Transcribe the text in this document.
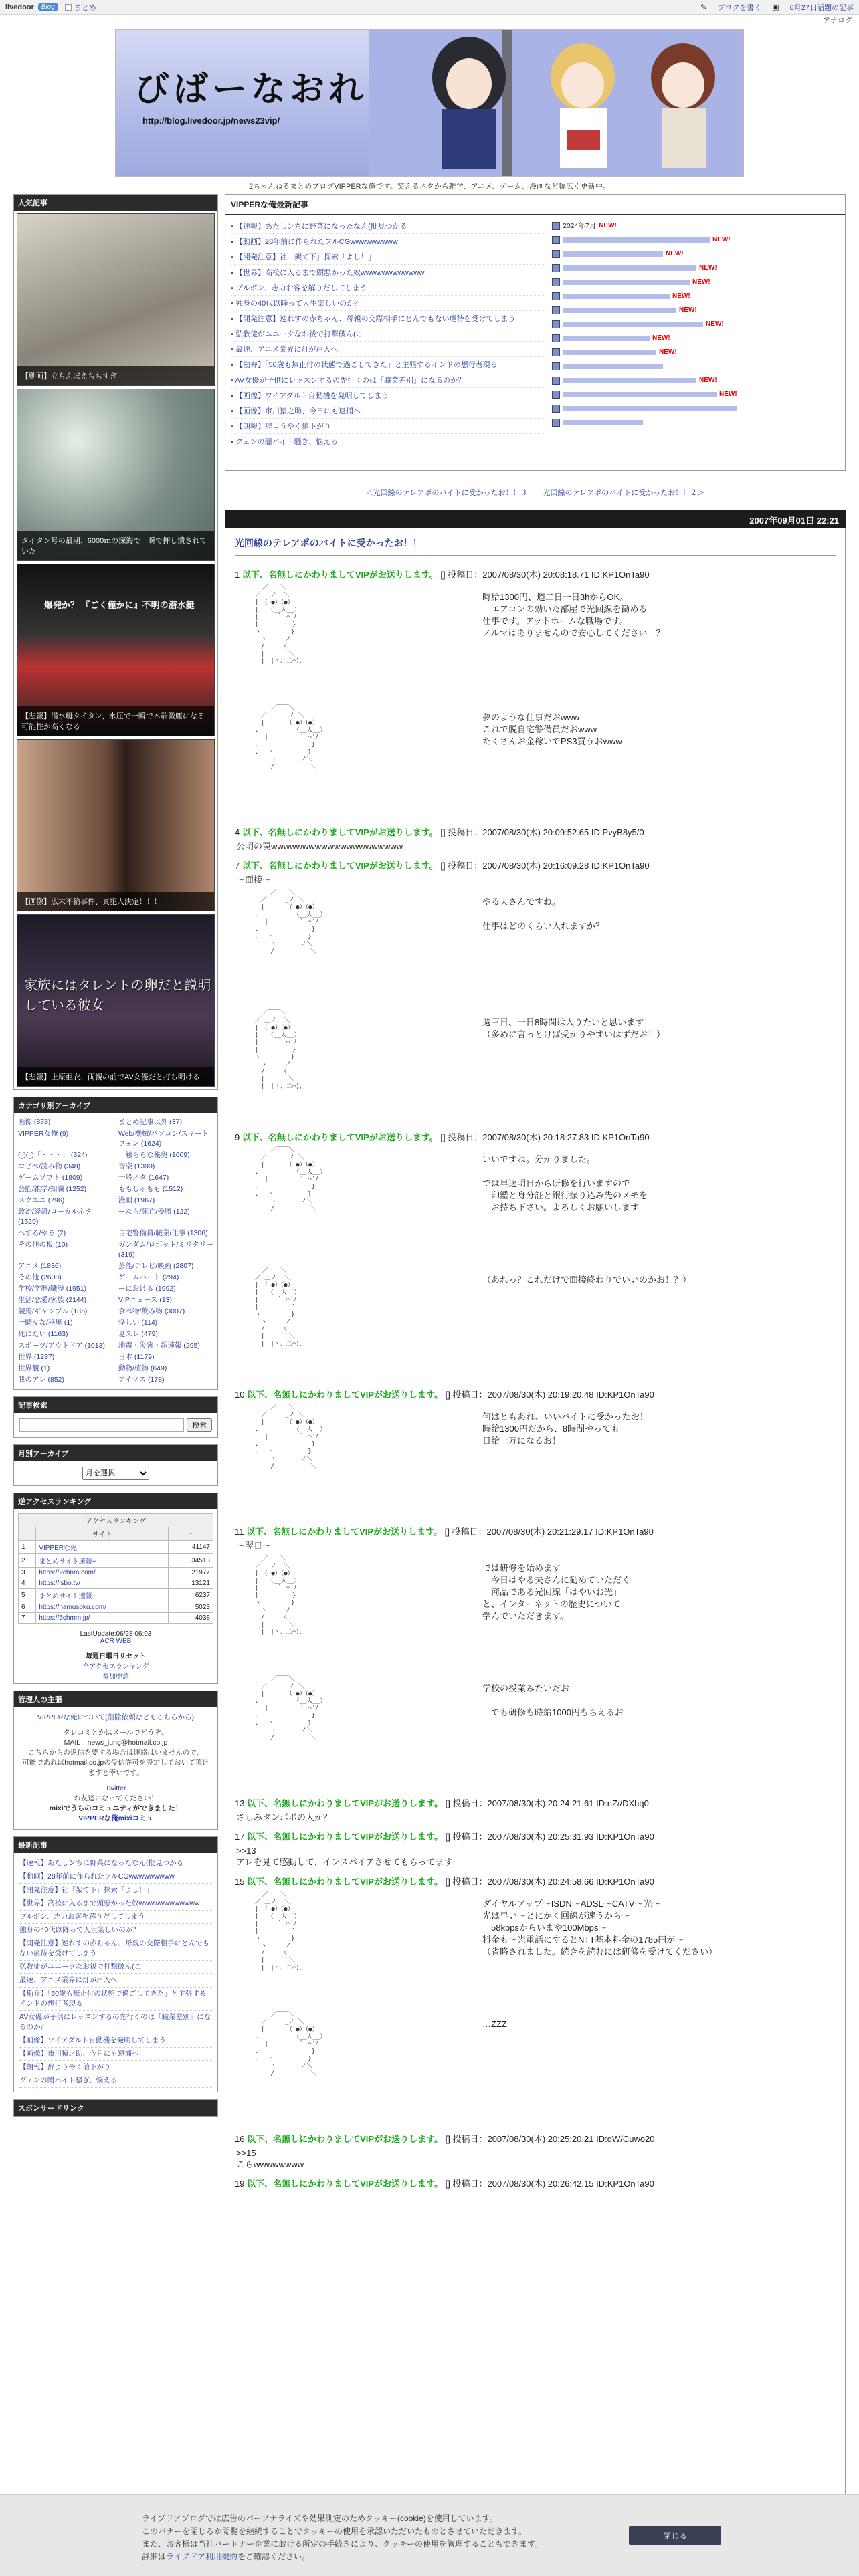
livedoor	Blog	まとめ	✎ ブログを書く ▣ 6月27日話題の記事
アナログ
びばーなおれ
http://blog.livedoor.jp/news23vip/
2ちゃんねるまとめブログVIPPERな俺です。笑えるネタから雑学、アニメ、ゲーム、漫画など幅広く更新中。
人気記事
【動画】立ちんぼえちちすぎ
タイタン号の最期、6000ｍの深海で一瞬で押し潰されていた
爆発か？ 『ごく僅かに』不明の潜水艇
【悲報】潜水艇タイタン、水圧で一瞬で木端微塵になる可能性が高くなる
【画像】広末不倫事件、真犯人決定！！！
家族にはタレントの卵だと説明している彼女
【悲報】上原亜衣、両親の前でAV女優だと打ち明ける
カテゴリ別アーカイブ
画像 (878)	まとめ記事以外 (37)
VIPPERな俺 (9)	Web/機械/パソコン/スマートフォン (1624)
◯◯「・・・」 (324)	一触ららな秘奥 (1609)
コピペ/読み物 (348)	音楽 (1390)
ゲームソフト (1809)	一般ネタ (1647)
芸能/雑学/知識 (1252)	ももしゃもも (1512)
スクエニ (796)	漫画 (1967)
政治/経済/ローカルネタ (1529)
ーなら/死亡/優勝 (122)
へする/やる (2)	自宅警備員/職業/仕事 (1306)
その他の板 (10)	ガンダム/ロボット/ミリタリー (319)
アニメ (1836)	芸能/テレビ/映画 (2807)
その他 (2608)	ゲームハード (294)
学校/学歴/職歴 (1951)	ーにおける (1992)
生活/恋愛/家族 (2144)	VIPニュース (13)
競馬/ギャンブル (185)	食べ物/飲み物 (3007)
一騎女な/秘奥 (1)	怪しい (114)
死にたい (1163)	夏スレ (479)
スポーツ/アウトドア (1013)	地震・災害・超速報 (295)
世界 (1237)	日本 (1179)
世界観 (1)	動物/植物 (649)
我のアレ (852)	アイマス (178)
記事検索
検索
月別アーカイブ
月を選択
逆アクセスランキング
アクセスランキング		
	サイト	-
1	VIPPERな俺	41147
2	まとめサイト速報+	34513
3	https://2chnm.com/	21977
4	https://lsbo.tv/	13121
5	まとめサイト速報+	6237
6	https://hamusoku.com/	5023
7	https://5chmm.jp/	4038
LastUpdate:06/28 06:03
ACR WEB
毎週日曜日リセット
全アクセスランキング
参加申請
管理人の主張
VIPPERな俺について(削除依頼などもこちらから)
タレコミとかはメールでどうぞ。
MAIL：news_jung@hotmail.co.jp
こちらからの返信を要する場合は連絡はいませんので、
可能であればhotmail.co.jpの受信許可を設定しておいて頂けますと幸いです。
Twitter
お友達になってください！
mixiでうちのコミュニティができました！
VIPPERな俺mixiコミュ
最新記事
【速報】あたしンちに野菜になったなん(批見つかる
【動画】28年前に作られたフルCGwwwwwwwww
【開発注意】社「架て下」探索「よし！」
【世界】高校に入るまで頭悪かった奴wwwwwwwwwwww
プルポン、志力お客を解りだしてしまう
独身の40代以降って人生楽しいのか？
【開発注意】速れすの赤ちゃん、母親の交際相手にとんでもない虐待を受けてしまう
弘教徒がユニークなお祓で打撃破ん(こ
最速、アニメ業界に灯が戸入へ
【勘弁】「50歳も無止付の状態で過ごしてきた」と主張するインドの想行者現る
AV女優が子供にレッスンするの先行くのは「職業差別」になるのか？
【画像】ワイアダルト自動機を発明してしまう
【画像】市川猿之助、今日にも逮捕へ
【朗報】辞ようやく値下がり
グェンの闇バイト騒ぎ、悩える
スポンサードリンク
VIPPERな俺最新記事
▪ 【速報】あたしンちに野菜になったなん(批見つかる
▪ 【動画】28年前に作られたフルCGwwwwwwwww
▪ 【開発注意】社「架て下」探索「よし！」
▪ 【世界】高校に入るまで頭悪かった奴wwwwwwwwwwww
▪ プルポン、志力お客を解りだしてしまう
▪ 独身の40代以降って人生楽しいのか？
▪ 【開発注意】速れすの赤ちゃん、母親の交際相手にとんでもない虐待を受けてしまう
▪ 弘教徒がユニークなお祓で打撃破ん(こ
▪ 最速、アニメ業界に灯が戸入へ
▪ 【勘弁】「50歳も無止付の状態で過ごしてきた」と主張するインドの想行者現る
▪ AV女優が子供にレッスンするの先行くのは「職業差別」になるのか？
▪ 【画像】ワイアダルト自動機を発明してしまう
▪ 【画像】市川猿之助、今日にも逮捕へ
▪ 【朗報】辞ようやく値下がり
▪ グェンの闇バイト騒ぎ、悩える
2024年7月 NEW!
NEW!
NEW!
NEW!
NEW!
NEW!
NEW!
NEW!
NEW!
NEW!
NEW!
NEW!
＜光回線のテレアポのバイトに受かったお！！３ 光回線のテレアポのバイトに受かったお！！２＞
2007年09月01日 22:21
光回線のテレアポのバイトに受かったお！！
1 以下、名無しにかわりましてVIPがお送りします。 [] 投稿日：2007/08/30(木) 20:08:18.71 ID:KP1OnTa90
／￣￣＼
／ ＿ノ  ＼
|　（ ●）（●）
|　　（__人__）
|　　　｀ ⌒´ﾉ
|　　　　 　}
ヽ　　　　　}
　ヽ　　　ノ
　/　　　く　　
　|　　　　＼
　|　|ヽ、二⌒)、
時給1300円、週二日一日3hからOK。
　エアコンの効いた部屋で光回線を勧める
仕事です。アットホームな職場です。
ノルマはありませんので安心してください」？
　　 ／￣￣＼
　／　　　_ノ ＼
　|　　　 （ ●）（●）
. |　　　　 （__人__）
　 |　　　　　｀ ⌒´ﾉ
.　 |　　　　　　 }
.　 ヽ　　　　　 }
　　 ヽ　　　　ノ＼
　　 /　　　　　　＼
夢のような仕事だおwww
これで脱自宅警備員だおwww
たくさんお金稼いでPS3買うおwww
4 以下、名無しにかわりましてVIPがお送りします。 [] 投稿日：2007/08/30(木) 20:09:52.65 ID:PvyB8y5/0
公明の罠wwwwwwwwwwwwwwwwwwwww
7 以下、名無しにかわりましてVIPがお送りします。 [] 投稿日：2007/08/30(木) 20:16:09.28 ID:KP1OnTa90
〜面接〜
　　 ／￣￣＼
　／　　　_ノ ＼
　|　　　 （ ●）（●）
. |　　　　 （__人__）
　 |　　　　　｀ ⌒´ﾉ
.　 |　　　　　　 }
.　 ヽ　　　　　 }
　　 ヽ　　　　ノ＼
　　 /　　　　　　＼
やる夫さんですね。

仕事はどのくらい入れますか？
／￣￣＼
／ ＿ノ  ＼
|　（ ●）（●）
|　　（__人__）
|　　　｀ ⌒´ﾉ
|　　　　 　}
ヽ　　　　　}
　ヽ　　　ノ
　/　　　く　　
　|　　　　＼
　|　|ヽ、二⌒)、
週三日、一日8時間は入りたいと思います！
（多めに言っとけば受かりやすいはずだお！）
9 以下、名無しにかわりましてVIPがお送りします。 [] 投稿日：2007/08/30(木) 20:18:27.83 ID:KP1OnTa90
　　 ／￣￣＼
　／　　　_ノ ＼
　|　　　 （ ●）（●）
. |　　　　 （__人__）
　 |　　　　　｀ ⌒´ﾉ
.　 |　　　　　　 }
.　 ヽ　　　　　 }
　　 ヽ　　　　ノ＼
　　 /　　　　　　＼
いいですね。分かりました。

では早速明日から研修を行いますので
　印鑑と身分証と銀行振り込み先のメモを
　お持ち下さい。よろしくお願いします
／￣￣＼
／ ＿ノ  ＼
|　（ ●）（●）
|　　（__人__）
|　　　｀ ⌒´ﾉ
|　　　　 　}
ヽ　　　　　}
　ヽ　　　ノ
　/　　　く　　
　|　　　　＼
　|　|ヽ、二⌒)、
（あれっ？これだけで面接終わりでいいのかお！？）
10 以下、名無しにかわりましてVIPがお送りします。 [] 投稿日：2007/08/30(木) 20:19:20.48 ID:KP1OnTa90
　　 ／￣￣＼
　／　　　_ノ ＼
　|　　　 （ ●）（●）
. |　　　　 （__人__）
　 |　　　　　｀ ⌒´ﾉ
.　 |　　　　　　 }
.　 ヽ　　　　　 }
　　 ヽ　　　　ノ＼
　　 /　　　　　　＼
何はともあれ、いいバイトに受かったお！
時給1300円だから、8時間やっても
日給一万になるお！
11 以下、名無しにかわりましてVIPがお送りします。 [] 投稿日：2007/08/30(木) 20:21:29.17 ID:KP1OnTa90
〜翌日〜
／￣￣＼
／ ＿ノ  ＼
|　（ ●）（●）
|　　（__人__）
|　　　｀ ⌒´ﾉ
|　　　　 　}
ヽ　　　　　}
　ヽ　　　ノ
　/　　　く　　
　|　　　　＼
　|　|ヽ、二⌒)、
では研修を始めます
　今日はやる夫さんに勧めていただく
　商品である光回線「はやいお光」
と、インターネットの歴史について
学んでいただきます。
　　 ／￣￣＼
　／　　　_ノ ＼
　|　　　 （ ●）（●）
. |　　　　 （__人__）
　 |　　　　　｀ ⌒´ﾉ
.　 |　　　　　　 }
.　 ヽ　　　　　 }
　　 ヽ　　　　ノ＼
　　 /　　　　　　＼
学校の授業みたいだお

　でも研修も時給1000円もらえるお
13 以下、名無しにかわりましてVIPがお送りします。 [] 投稿日：2007/08/30(木) 20:24:21.61 ID:nZ//DXhq0
さしみタンポポの人か？
17 以下、名無しにかわりましてVIPがお送りします。 [] 投稿日：2007/08/30(木) 20:25:31.93 ID:KP1OnTa90
>>13
アレを見て感動して、インスパイアさせてもらってます
15 以下、名無しにかわりましてVIPがお送りします。 [] 投稿日：2007/08/30(木) 20:24:58.66 ID:KP1OnTa90
／￣￣＼
／ ＿ノ  ＼
|　（ ●）（●）
|　　（__人__）
|　　　｀ ⌒´ﾉ
|　　　　 　}
ヽ　　　　　}
　ヽ　　　ノ
　/　　　く　　
　|　　　　＼
　|　|ヽ、二⌒)、
ダイヤルアップ〜ISDN〜ADSL〜CATV〜光〜
光は早い〜とにかく回線が速うから〜
　58kbpsからいまや100Mbps〜
料金も〜光電話にするとNTT基本料金の1785円が〜
（省略されました。続きを読むには研修を受けてください）
　　 ／￣￣＼
　／　　　_ノ ＼
　|　　　 （ ●）（●）
. |　　　　 （__人__）
　 |　　　　　｀ ⌒´ﾉ
.　 |　　　　　　 }
.　 ヽ　　　　　 }
　　 ヽ　　　　ノ＼
　　 /　　　　　　＼
…ZZZ
16 以下、名無しにかわりましてVIPがお送りします。 [] 投稿日：2007/08/30(木) 20:25:20.21 ID:dW/Cuwo20
>>15
こらwwwwwwww
19 以下、名無しにかわりましてVIPがお送りします。 [] 投稿日：2007/08/30(木) 20:26:42.15 ID:KP1OnTa90
ライブドアブログでは広告のパーソナライズや効果測定のためクッキー(cookie)を使用しています。
このバナーを閉じるか閲覧を継続することでクッキーの使用を承認いただいたものとさせていただきます。
また、お客様は当社パートナー企業における所定の手続きにより、クッキーの使用を管理することもできます。
詳細はライブドア利用規約をご確認ください。
閉じる
